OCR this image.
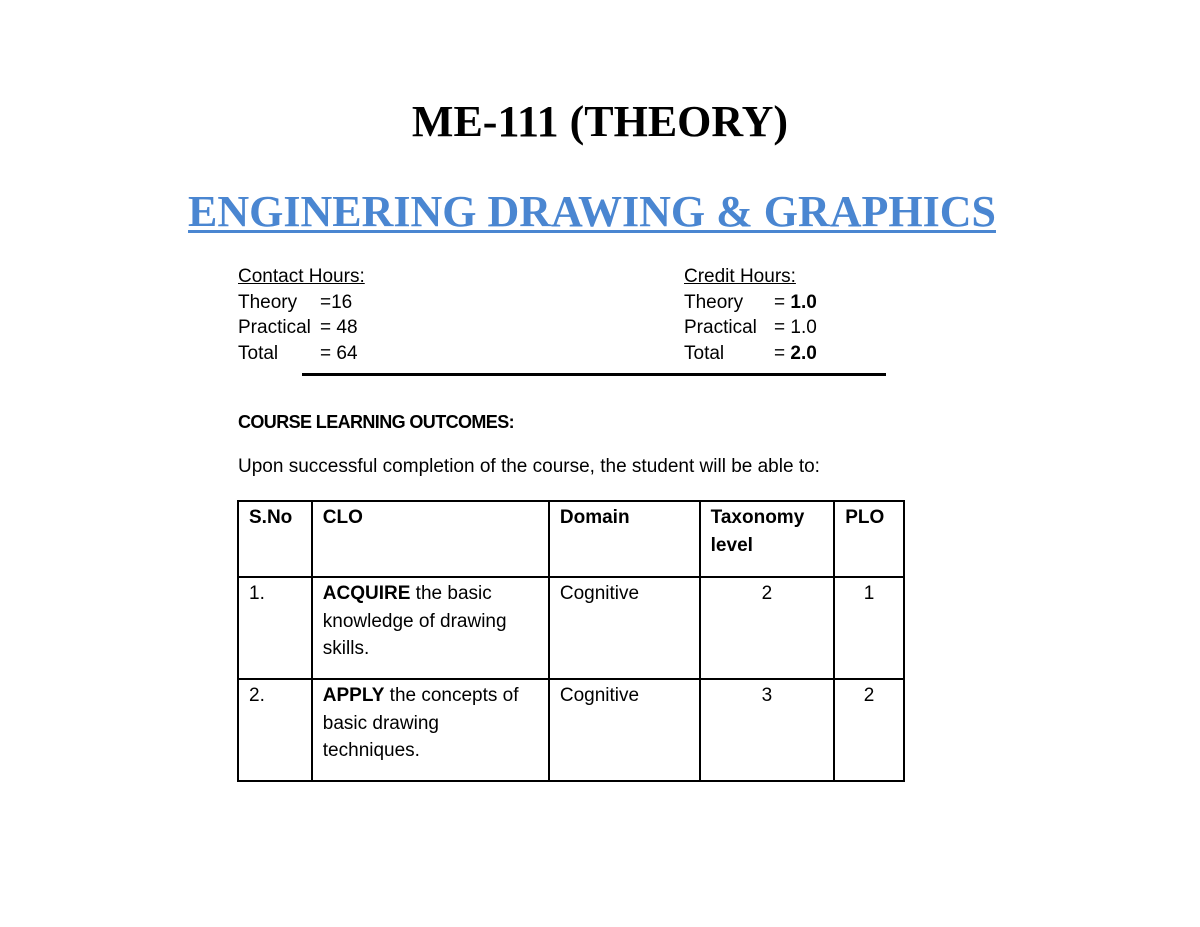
ME-111 (THEORY)
ENGINERING DRAWING & GRAPHICS
Contact Hours:
Theory	=16
Practical = 48
Total	= 64
Credit Hours:
Theory	= 1.0
Practical = 1.0
Total	= 2.0
COURSE LEARNING OUTCOMES:

Upon successful completion of the course, the student will be able to:

S.No	CLO	Domain	Taxonomy level	PLO
1.	ACQUIRE the basic knowledge of drawing skills.	Cognitive	2	1
2.	APPLY the concepts of basic drawing techniques.	Cognitive	3	2
